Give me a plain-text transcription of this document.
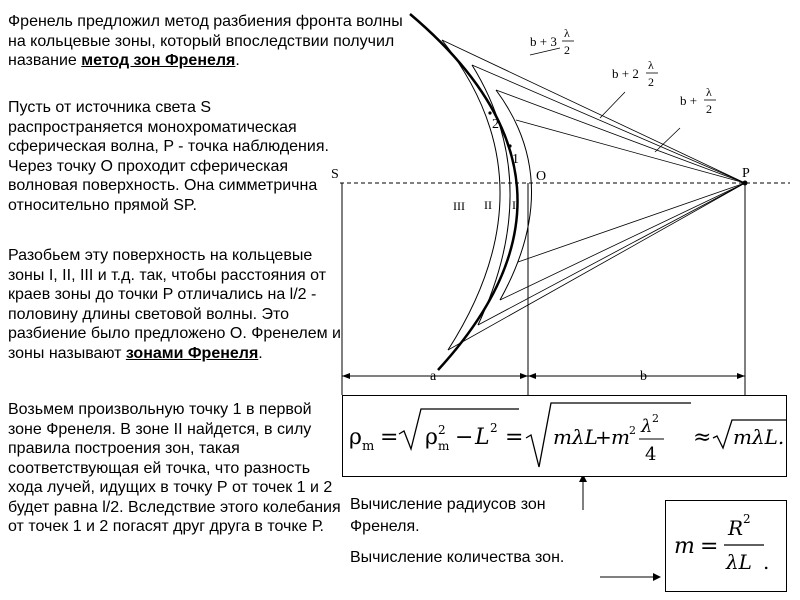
S	O	P
a	b
I
II
III
1
2
b + 3
λ
2
b + 2
λ
2
b +
λ
2
Френель предложил метод разбиения фронта волны на кольцевые зоны, который впоследствии получил название метод зон Френеля.
Пусть от источника света S распространяется монохроматическая сферическая волна, P - точка наблюдения. Через точку О проходит сферическая волновая поверхность. Она симметрична относительно прямой SP.
Разобьем эту поверхность на кольцевые зоны I, II, III и т.д. так, чтобы расстояния от краев зоны до точки P отличались на l/2 - половину длины световой волны. Это разбиение было предложено О. Френелем и зоны называют зонами Френеля.
Возьмем произвольную точку 1 в первой зоне Френеля. В зоне II найдется, в силу правила построения зон, такая соответствующая ей точка, что разность хода лучей, идущих в точку Р от точек 1 и 2 будет равна l/2. Вследствие этого колебания от точек 1 и 2 погасят друг друга в точке Р.
ρ m = ρ 2
m − L 2 = mλL
+ m 2 λ 2
4
≈ mλL.
m =
R 2
λL .
Вычисление радиусов зон Френеля.
Вычисление количества зон.
